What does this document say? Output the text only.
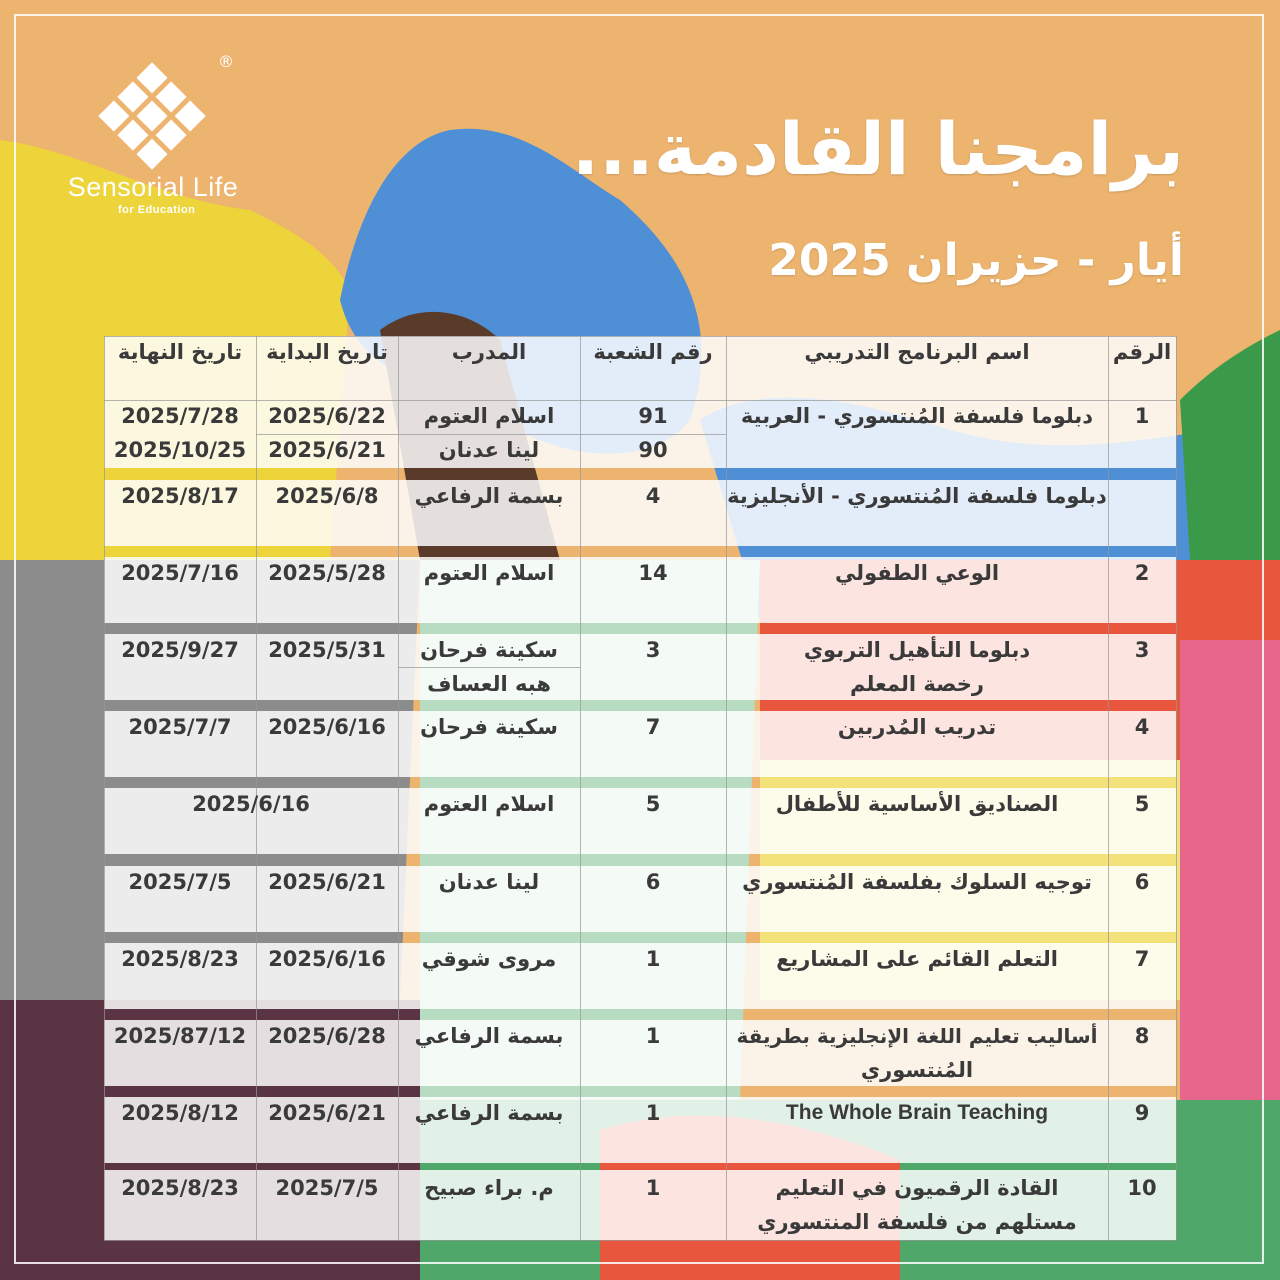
®
Sensorial Life
for Education
برامجنا القادمة...
أيار - حزيران 2025
الرقم
اسم البرنامج التدريبي
رقم الشعبة
المدرب
تاريخ البداية
تاريخ النهاية
1
دبلوما فلسفة المُنتسوري - العربية
91
اسلام العتوم
2025/6/22
2025/7/28
90
لينا عدنان
2025/6/21
2025/10/25
دبلوما فلسفة المُنتسوري - الأنجليزية
4
بسمة الرفاعي
2025/6/8
2025/8/17
2
الوعي الطفولي
14
اسلام العتوم
2025/5/28
2025/7/16
3
دبلوما التأهيل التربوي
رخصة المعلم
3
سكينة فرحان
هبه العساف
2025/5/31
2025/9/27
4
تدريب المُدربين
7
سكينة فرحان
2025/6/16
2025/7/7
5
الصناديق الأساسية للأطفال
5
اسلام العتوم
2025/6/16
6
توجيه السلوك بفلسفة المُنتسوري
6
لينا عدنان
2025/6/21
2025/7/5
7
التعلم القائم على المشاريع
1
مروى شوقي
2025/6/16
2025/8/23
8
أساليب تعليم اللغة الإنجليزية بطريقة
المُنتسوري
1
بسمة الرفاعي
2025/6/28
2025/87/12
9
The Whole Brain Teaching
1
بسمة الرفاعي
2025/6/21
2025/8/12
10
القادة الرقميون في التعليم
مستلهم من فلسفة المنتسوري
1
م. براء صبيح
2025/7/5
2025/8/23
